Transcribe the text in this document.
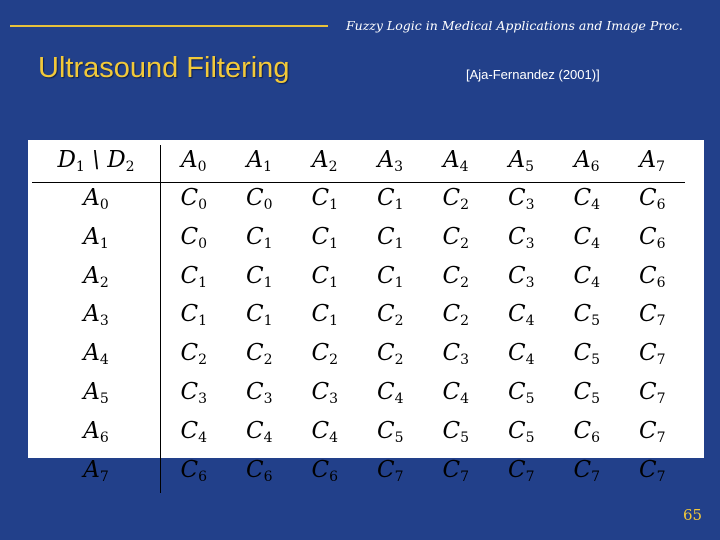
Fuzzy Logic in Medical Applications and Image Proc.
Ultrasound Filtering	[Aja-Fernandez (2001)]
$D_1$ \ $D_2$	$A_0$	$A_1$	$A_2$	$A_3$	$A_4$	$A_5$	$A_6$	$A_7$
$A_0$	$C_0$	$C_0$	$C_1$	$C_1$	$C_2$	$C_3$	$C_4$	$C_6$
$A_1$	$C_0$	$C_1$	$C_1$	$C_1$	$C_2$	$C_3$	$C_4$	$C_6$
$A_2$	$C_1$	$C_1$	$C_1$	$C_1$	$C_2$	$C_3$	$C_4$	$C_6$
$A_3$	$C_1$	$C_1$	$C_1$	$C_2$	$C_2$	$C_4$	$C_5$	$C_7$
$A_4$	$C_2$	$C_2$	$C_2$	$C_2$	$C_3$	$C_4$	$C_5$	$C_7$
$A_5$	$C_3$	$C_3$	$C_3$	$C_4$	$C_4$	$C_5$	$C_5$	$C_7$
$A_6$	$C_4$	$C_4$	$C_4$	$C_5$	$C_5$	$C_5$	$C_6$	$C_7$
$A_7$	$C_6$	$C_6$	$C_6$	$C_7$	$C_7$	$C_7$	$C_7$	$C_7$
65
